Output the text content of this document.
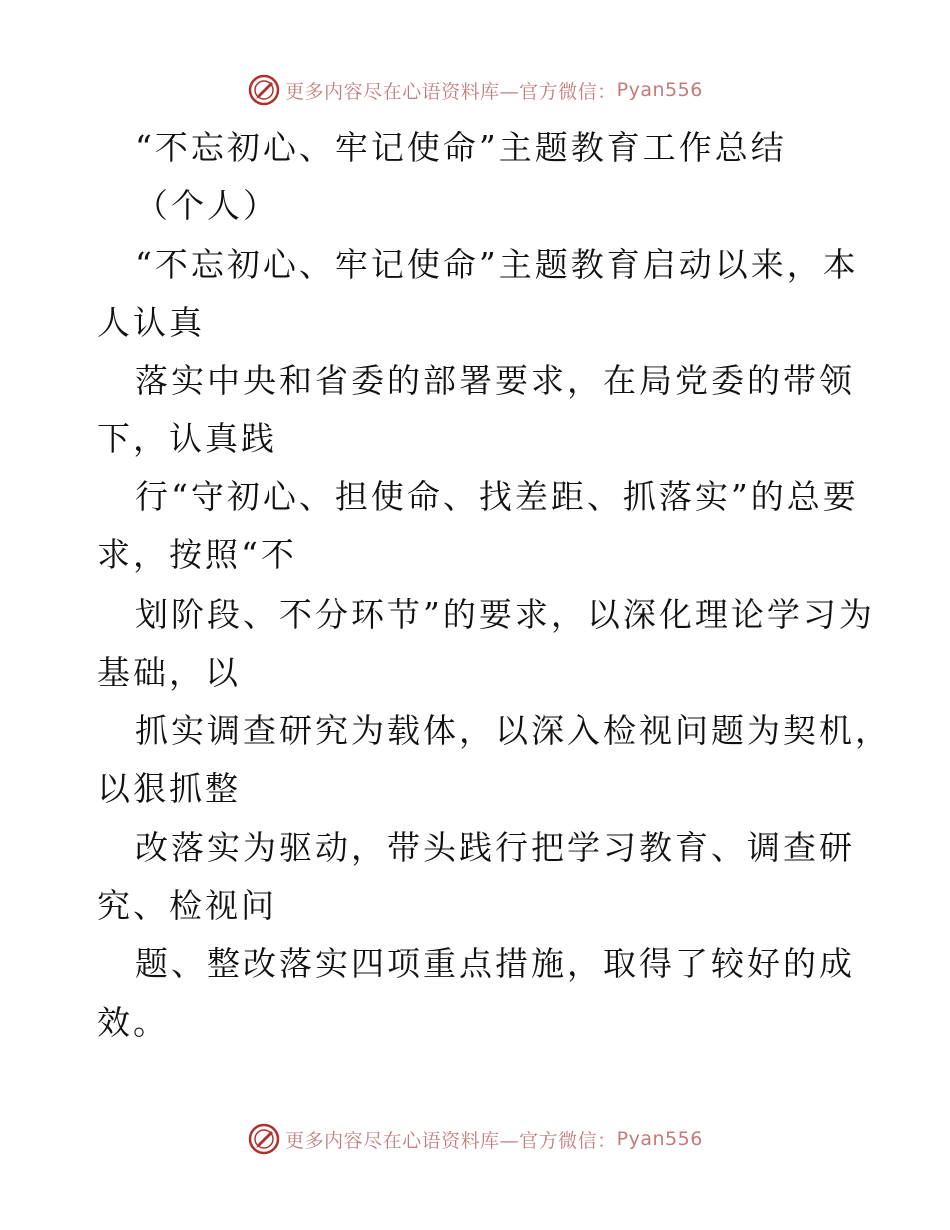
更多内容尽在心语资料库—官方微信： Pyan556
“不忘初心、牢记使命”主题教育工作总结
（个人）
“不忘初心、牢记使命”主题教育启动以来，本
人认真
落实中央和省委的部署要求，在局党委的带领
下，认真践
行“守初心、担使命、找差距、抓落实”的总要
求，按照“不
划阶段、不分环节”的要求，以深化理论学习为
基础，以
抓实调查研究为载体，以深入检视问题为契机，
以狠抓整
改落实为驱动，带头践行把学习教育、调查研
究、检视问
题、整改落实四项重点措施，取得了较好的成
效。
更多内容尽在心语资料库—官方微信： Pyan556
